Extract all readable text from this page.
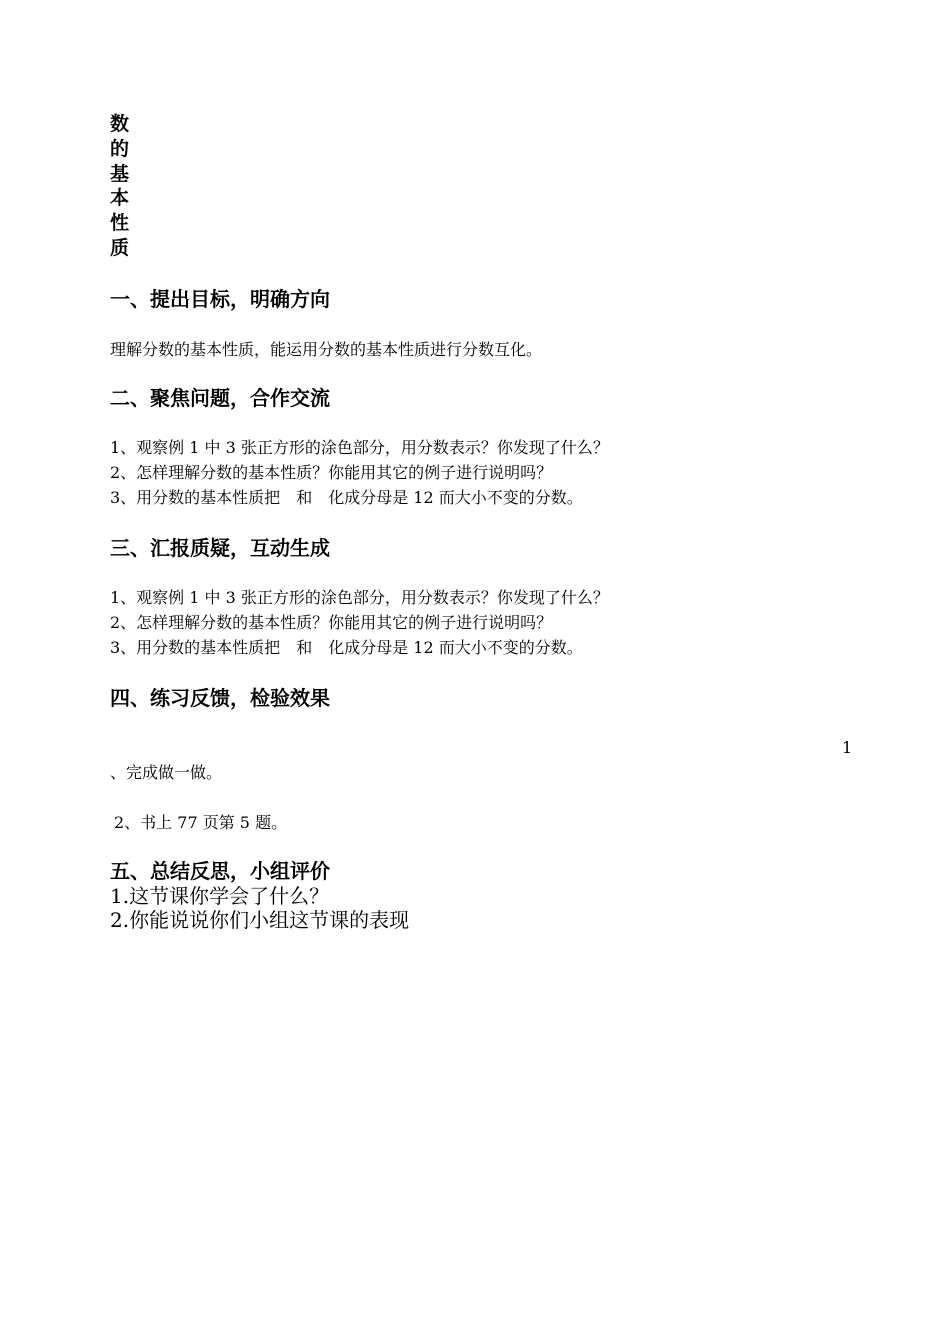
数
的
基
本
性
质
一、提出目标，明确方向
理解分数的基本性质，能运用分数的基本性质进行分数互化。
二、聚焦问题，合作交流
1、观察例 1 中 3 张正方形的涂色部分，用分数表示？你发现了什么？
2、怎样理解分数的基本性质？你能用其它的例子进行说明吗？
3、用分数的基本性质把 和 化成分母是 12 而大小不变的分数。
三、汇报质疑，互动生成
1、观察例 1 中 3 张正方形的涂色部分，用分数表示？你发现了什么？
2、怎样理解分数的基本性质？你能用其它的例子进行说明吗？
3、用分数的基本性质把 和 化成分母是 12 而大小不变的分数。
四、练习反馈，检验效果
1
、完成做一做。
2、书上 77 页第 5 题。
五、总结反思，小组评价
1.这节课你学会了什么？
2.你能说说你们小组这节课的表现
